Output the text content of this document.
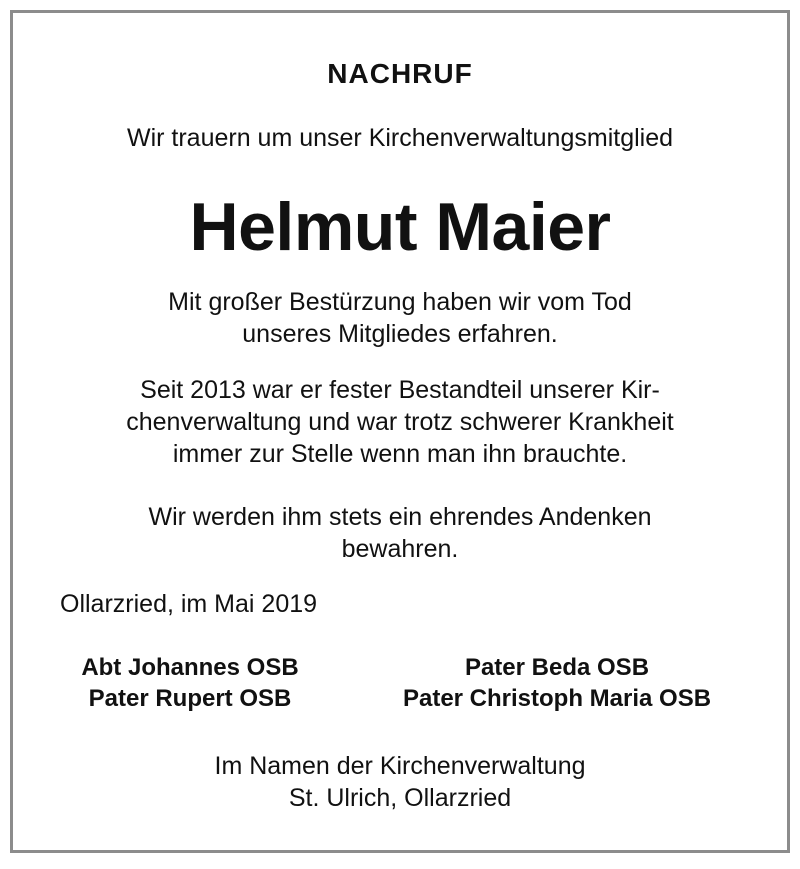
NACHRUF
Wir trauern um unser Kirchenverwaltungsmitglied
Helmut Maier
Mit großer Bestürzung haben wir vom Tod
unseres Mitgliedes erfahren.
Seit 2013 war er fester Bestandteil unserer Kir-
chenverwaltung und war trotz schwerer Krankheit
immer zur Stelle wenn man ihn brauchte.
Wir werden ihm stets ein ehrendes Andenken
bewahren.
Ollarzried, im Mai 2019
Abt Johannes OSB
Pater Rupert OSB
Pater Beda OSB
Pater Christoph Maria OSB
Im Namen der Kirchenverwaltung
St. Ulrich, Ollarzried
